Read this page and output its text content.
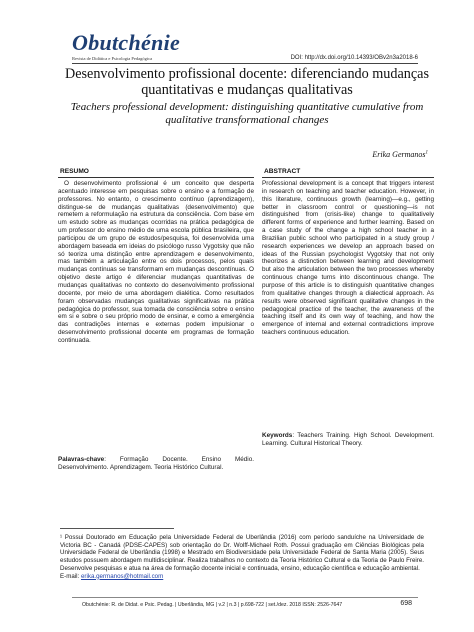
Obutchénie
Revista de Didática e Psicologia Pedagógica	DOI: http://dx.doi.org/10.14393/OBv2n3a2018-6
Desenvolvimento profissional docente: diferenciando mudanças quantitativas e mudanças qualitativas
Teachers professional development: distinguishing quantitative cumulative from qualitative transformational changes
Erika Germanos$^1$
RESUMO
O desenvolvimento profissional é um conceito que desperta acentuado interesse em pesquisas sobre o ensino e a formação de professores. No entanto, o crescimento contínuo (aprendizagem), distingue-se de mudanças qualitativas (desenvolvimento) que remetem a reformulação na estrutura da consciência. Com base em um estudo sobre as mudanças ocorridas na prática pedagógica de um professor do ensino médio de uma escola pública brasileira, que participou de um grupo de estudos/pesquisa, foi desenvolvida uma abordagem baseada em ideias do psicólogo russo Vygotsky que não só teoriza uma distinção entre aprendizagem e desenvolvimento, mas também a articulação entre os dois processos, pelos quais mudanças contínuas se transformam em mudanças descontínuas. O objetivo deste artigo é diferenciar mudanças quantitativas de mudanças qualitativas no contexto do desenvolvimento profissional docente, por meio de uma abordagem dialética. Como resultados foram observadas mudanças qualitativas significativas na prática pedagógica do professor, sua tomada de consciência sobre o ensino em si e sobre o seu próprio modo de ensinar, e como a emergência das contradições internas e externas podem impulsionar o desenvolvimento profissional docente em programas de formação continuada.
Palavras-chave: Formação Docente. Ensino Médio. Desenvolvimento. Aprendizagem. Teoria Histórico Cultural.
ABSTRACT
Professional development is a concept that triggers interest in research on teaching and teacher education. However, in this literature, continuous growth (learning)—e.g., getting better in classroom control or questioning—is not distinguished from (crisis-like) change to qualitatively different forms of experience and further learning. Based on a case study of the change a high school teacher in a Brazilian public school who participated in a study group / research experiences we develop an approach based on ideas of the Russian psychologist Vygotsky that not only theorizes a distinction between learning and development but also the articulation between the two processes whereby continuous change turns into discontinuous change. The purpose of this article is to distinguish quantitative changes from qualitative changes through a dialectical approach. As results were observed significant qualitative changes in the pedagogical practice of the teacher, the awareness of the teaching itself and its own way of teaching, and how the emergence of internal and external contradictions improve teachers continuous education.
Keywords: Teachers Training. High School. Development. Learning. Cultural Historical Theory.
¹ Possui Doutorado em Educação pela Universidade Federal de Uberlândia (2016) com período sanduíche na Universidade de Victoria BC - Canadá (PDSE-CAPES) sob orientação do Dr. Wolff-Michael Roth. Possui graduação em Ciências Biológicas pela Universidade Federal de Uberlândia (1998) e Mestrado em Biodiversidade pela Universidade Federal de Santa Maria (2005). Seus estudos possuem abordagem multidisciplinar. Realiza trabalhos no contexto da Teoria Histórico Cultural e da Teoria de Paulo Freire. Desenvolve pesquisas e atua na área de formação docente inicial e continuada, ensino, educação científica e educação ambiental.
E-mail: erika.germanos@hotmail.com
Obutchénie: R. de Didat. e Psic. Pedag. | Uberlândia, MG | v.2 | n.3 | p.698-722 | set./dez. 2018 ISSN: 2526-7647	698
